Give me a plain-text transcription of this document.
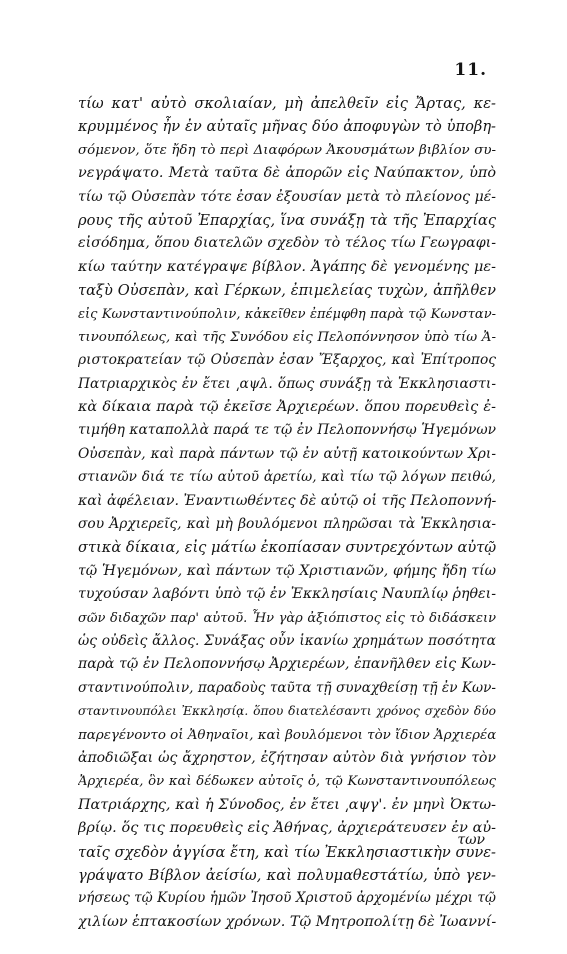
11.
τίω κατ' αὐτὸ σκολιαίαν, μὴ ἀπελθεῖν εἰς Ἄρτας, κε-
κρυμμένος ἦν ἐν αὐταῖς μῆνας δύο ἀποφυγὼν τὸ ὑποβη-
σόμενον, ὅτε ἤδη τὸ περὶ Διαφόρων Ἀκουσμάτων βιβλίον συ-
νεγράψατο. Μετὰ ταῦτα δὲ ἀπορῶν εἰς Ναύπακτον, ὑπὸ
τίω τῷ Οὐσεπὰν τότε ἐσαν ἐξουσίαν μετὰ τὸ πλείονος μέ-
ρους τῆς αὐτοῦ Ἐπαρχίας, ἵνα συνάξῃ τὰ τῆς Ἐπαρχίας
εἰσόδημα, ὅπου διατελῶν σχεδὸν τὸ τέλος τίω Γεωγραφι-
κίω ταύτην κατέγραψε βίβλον. Ἀγάπης δὲ γενομένης με-
ταξὺ Οὐσεπὰν, καὶ Γέρκων, ἐπιμελείας τυχὼν, ἀπῆλθεν
εἰς Κωνσταντινούπολιν, κἀκεῖθεν ἐπέμφθη παρὰ τῷ Κωνσταν-
τινουπόλεως, καὶ τῆς Συνόδου εἰς Πελοπόννησον ὑπὸ τίω Ἀ-
ριστοκρατείαν τῷ Οὐσεπὰν ἐσαν Ἔξαρχος, καὶ Ἐπίτροπος
Πατριαρχικὸς ἐν ἔτει ͵αψλ. ὅπως συνάξῃ τὰ Ἐκκλησιαστι-
κὰ δίκαια παρὰ τῷ ἐκεῖσε Ἀρχιερέων. ὅπου πορευθεὶς ἐ-
τιμήθη καταπολλὰ παρά τε τῷ ἐν Πελοποννήσῳ Ἡγεμόνων
Οὐσεπὰν, καὶ παρὰ πάντων τῷ ἐν αὐτῇ κατοικούντων Χρι-
στιανῶν διά τε τίω αὐτοῦ ἀρετίω, καὶ τίω τῷ λόγων πειθώ,
καὶ ἀφέλειαν. Ἐναντιωθέντες δὲ αὐτῷ οἱ τῆς Πελοποννή-
σου Ἀρχιερεῖς, καὶ μὴ βουλόμενοι πληρῶσαι τὰ Ἐκκλησια-
στικὰ δίκαια, εἰς μάτίω ἐκοπίασαν συντρεχόντων αὐτῷ
τῷ Ἡγεμόνων, καὶ πάντων τῷ Χριστιανῶν, φήμης ἤδη τίω
τυχούσαν λαβόντι ὑπὸ τῷ ἐν Ἐκκλησίαις Ναυπλίῳ ῥηθει-
σῶν διδαχῶν παρ' αὐτοῦ. Ἦν γὰρ ἀξιόπιστος εἰς τὸ διδάσκειν
ὡς οὐδεὶς ἄλλος. Συνάξας οὖν ἱκανίω χρημάτων ποσότητα
παρὰ τῷ ἐν Πελοποννήσῳ Ἀρχιερέων, ἐπανῆλθεν εἰς Κων-
σταντινούπολιν, παραδοὺς ταῦτα τῇ συναχθείσῃ τῇ ἐν Κων-
σταντινουπόλει Ἐκκλησίᾳ. ὅπου διατελέσαντι χρόνος σχεδὸν δύο
παρεγένοντο οἱ Ἀθηναῖοι, καὶ βουλόμενοι τὸν ἴδιον Ἀρχιερέα
ἀποδιῶξαι ὡς ἄχρηστον, ἐζήτησαν αὐτὸν διὰ γνήσιον τὸν
Ἀρχιερέα, ὃν καὶ δέδωκεν αὐτοῖς ὁ, τῷ Κωνσταντινουπόλεως
Πατριάρχης, καὶ ἡ Σύνοδος, ἐν ἔτει ͵αψγ'. ἐν μηνὶ Ὀκτω-
βρίῳ. ὅς τις πορευθεὶς εἰς Ἀθήνας, ἀρχιεράτευσεν ἐν αὐ-
ταῖς σχεδὸν ἀγγίσα ἔτη, καὶ τίω Ἐκκλησιαστικὴν συνε-
γράψατο Βίβλον ἀείσίω, καὶ πολυμαθεστάτίω, ὑπὸ γεν-
νήσεως τῷ Κυρίου ἡμῶν Ἰησοῦ Χριστοῦ ἀρχομένίω μέχρι τῷ
χιλίων ἑπτακοσίων χρόνων. Τῷ Μητροπολίτῃ δὲ Ἰωαννί-
των
